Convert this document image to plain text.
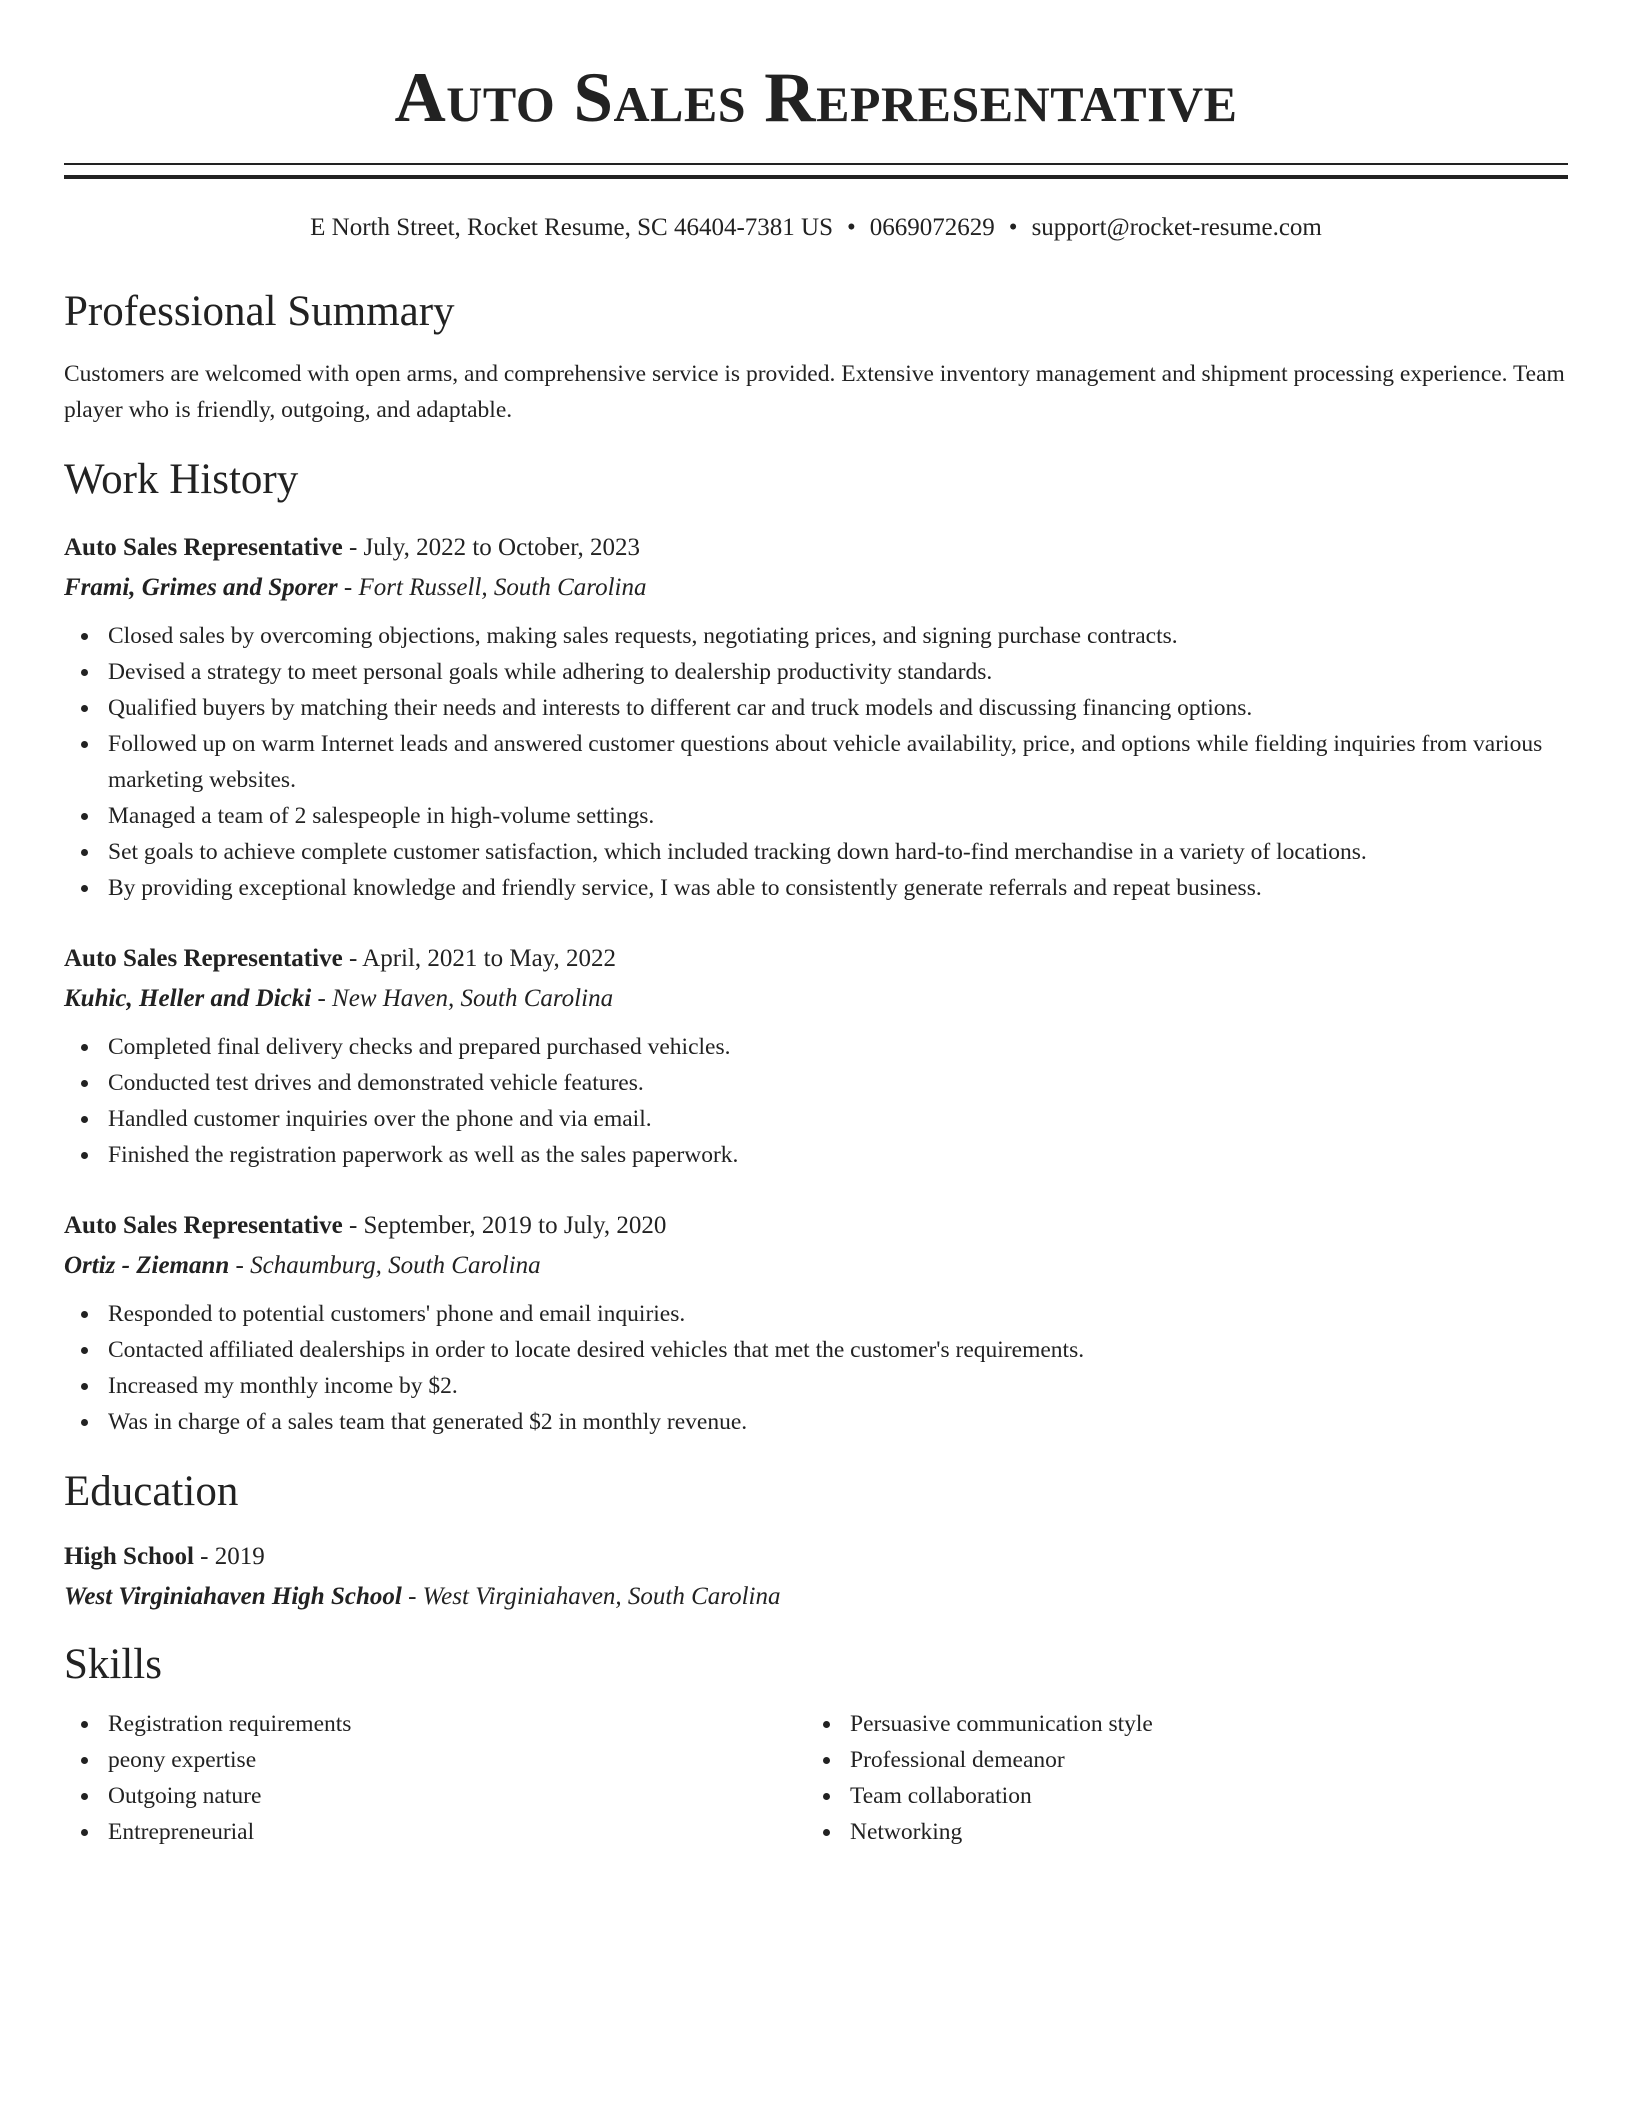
Auto Sales Representative
E North Street, Rocket Resume, SC 46404-7381 US • 0669072629 • support@rocket-resume.com
Professional Summary
Customers are welcomed with open arms, and comprehensive service is provided. Extensive inventory management and shipment processing experience. Team player who is friendly, outgoing, and adaptable.
Work History
Auto Sales Representative - July, 2022 to October, 2023
Frami, Grimes and Sporer - Fort Russell, South Carolina
Closed sales by overcoming objections, making sales requests, negotiating prices, and signing purchase contracts.
Devised a strategy to meet personal goals while adhering to dealership productivity standards.
Qualified buyers by matching their needs and interests to different car and truck models and discussing financing options.
Followed up on warm Internet leads and answered customer questions about vehicle availability, price, and options while fielding inquiries from various marketing websites.
Managed a team of 2 salespeople in high-volume settings.
Set goals to achieve complete customer satisfaction, which included tracking down hard-to-find merchandise in a variety of locations.
By providing exceptional knowledge and friendly service, I was able to consistently generate referrals and repeat business.
Auto Sales Representative - April, 2021 to May, 2022
Kuhic, Heller and Dicki - New Haven, South Carolina
Completed final delivery checks and prepared purchased vehicles.
Conducted test drives and demonstrated vehicle features.
Handled customer inquiries over the phone and via email.
Finished the registration paperwork as well as the sales paperwork.
Auto Sales Representative - September, 2019 to July, 2020
Ortiz - Ziemann - Schaumburg, South Carolina
Responded to potential customers' phone and email inquiries.
Contacted affiliated dealerships in order to locate desired vehicles that met the customer's requirements.
Increased my monthly income by $2.
Was in charge of a sales team that generated $2 in monthly revenue.
Education
High School - 2019
West Virginiahaven High School - West Virginiahaven, South Carolina
Skills
Registration requirements
peony expertise
Outgoing nature
Entrepreneurial
Persuasive communication style
Professional demeanor
Team collaboration
Networking
